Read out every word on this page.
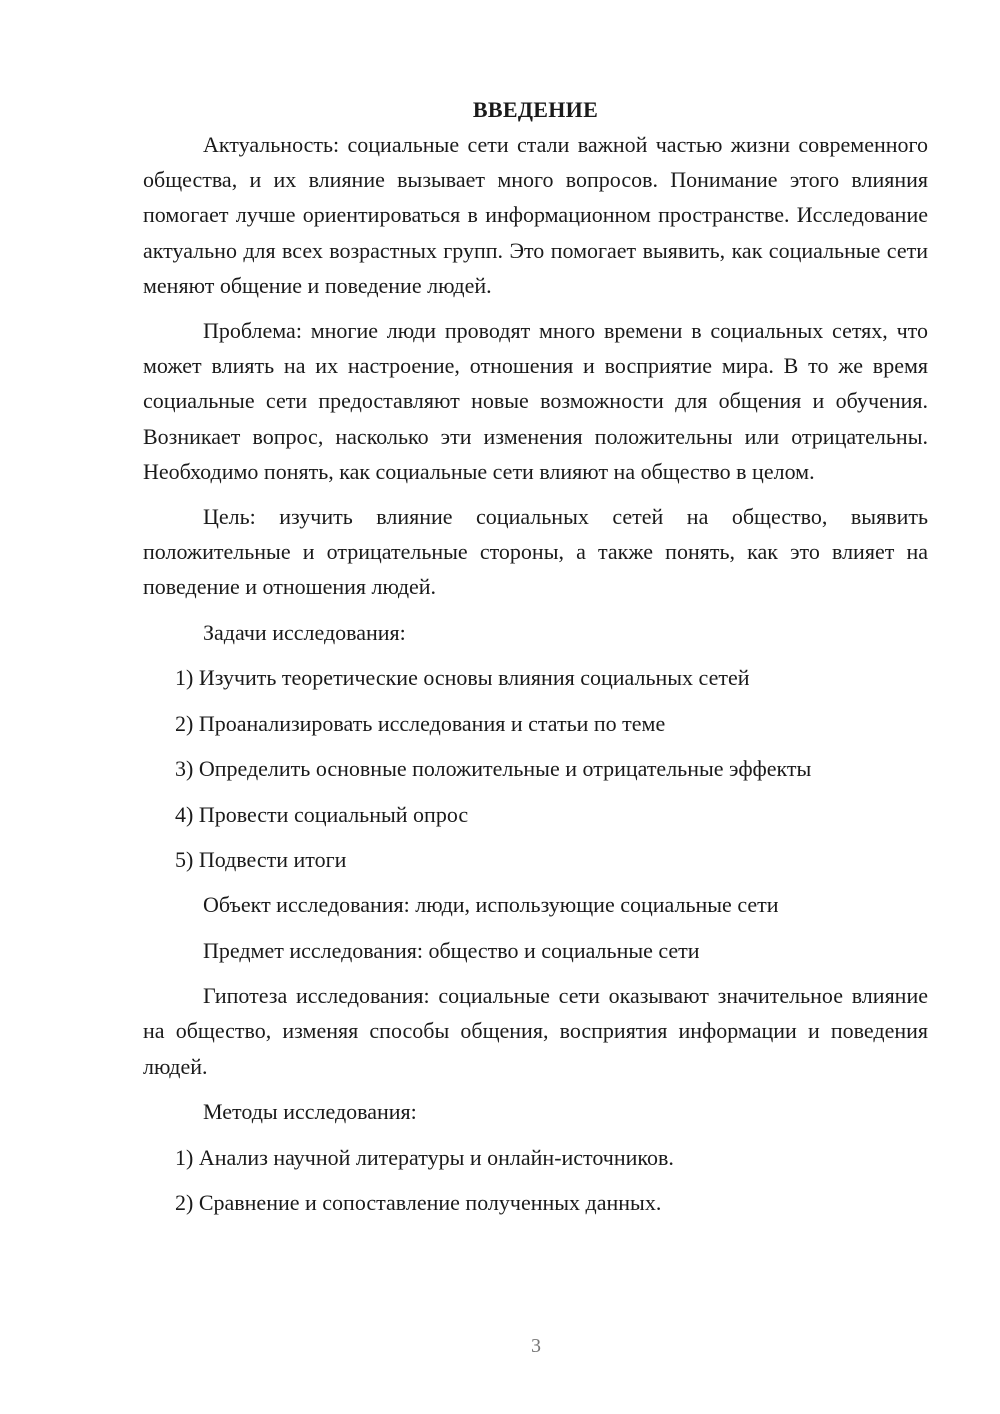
ВВЕДЕНИЕ

Актуальность: социальные сети стали важной частью жизни современного общества, и их влияние вызывает много вопросов. Понимание этого влияния помогает лучше ориентироваться в информационном пространстве. Исследование актуально для всех возрастных групп. Это помогает выявить, как социальные сети меняют общение и поведение людей.

Проблема: многие люди проводят много времени в социальных сетях, что может влиять на их настроение, отношения и восприятие мира. В то же время социальные сети предоставляют новые возможности для общения и обучения. Возникает вопрос, насколько эти изменения положительны или отрицательны. Необходимо понять, как социальные сети влияют на общество в целом.

Цель: изучить влияние социальных сетей на общество, выявить положительные и отрицательные стороны, а также понять, как это влияет на поведение и отношения людей.

Задачи исследования:
1) Изучить теоретические основы влияния социальных сетей
2) Проанализировать исследования и статьи по теме
3) Определить основные положительные и отрицательные эффекты
4) Провести социальный опрос
5) Подвести итоги
Объект исследования: люди, использующие социальные сети
Предмет исследования: общество и социальные сети

Гипотеза исследования: социальные сети оказывают значительное влияние на общество, изменяя способы общения, восприятия информации и поведения людей.

Методы исследования:
1) Анализ научной литературы и онлайн-источников.
2) Сравнение и сопоставление полученных данных.
3
